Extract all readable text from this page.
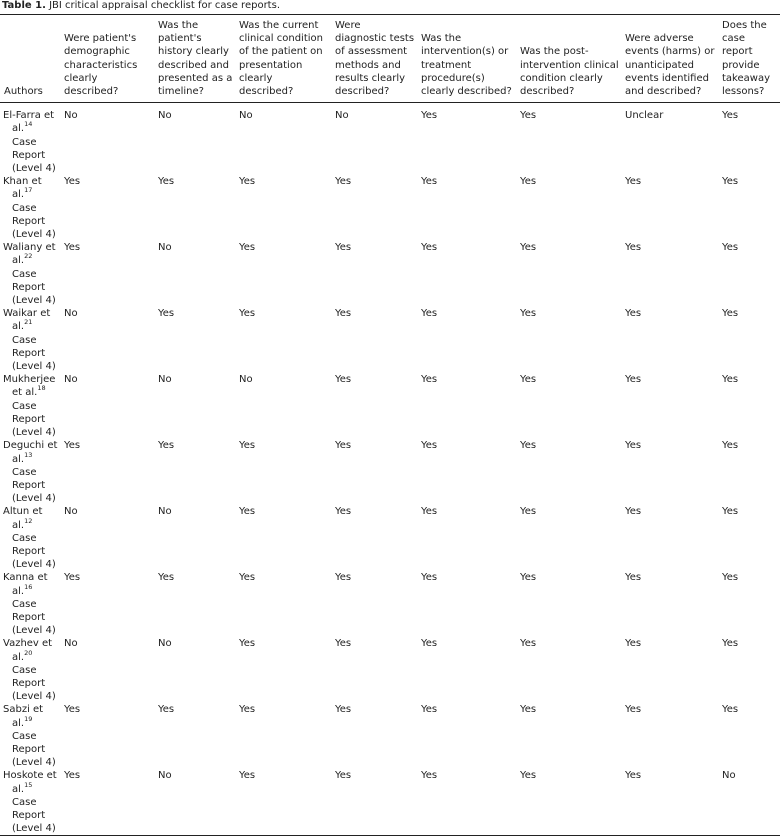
Table 1. JBI critical appraisal checklist for case reports.
Authors	Were patient's demographic characteristics clearly described?	Was the patient's history clearly described and presented as a timeline?	Was the current clinical condition of the patient on presentation clearly described?	Were diagnostic tests of assessment methods and results clearly described?	Was the intervention(s) or treatment procedure(s) clearly described?	Was the post-intervention clinical condition clearly described?	Were adverse events (harms) or unanticipated events identified and described?	Does the case report provide takeaway lessons?
El-Farra et al.$^{14}$ Case Report (Level 4)	No	No	No	No	Yes	Yes	Unclear	Yes
Khan et al.$^{17}$ Case Report (Level 4)	Yes	Yes	Yes	Yes	Yes	Yes	Yes	Yes
Waliany et al.$^{22}$ Case Report (Level 4)	Yes	No	Yes	Yes	Yes	Yes	Yes	Yes
Waikar et al.$^{21}$ Case Report (Level 4)	No	Yes	Yes	Yes	Yes	Yes	Yes	Yes
Mukherjee et al.$^{18}$ Case Report (Level 4)	No	No	No	Yes	Yes	Yes	Yes	Yes
Deguchi et al.$^{13}$ Case Report (Level 4)	Yes	Yes	Yes	Yes	Yes	Yes	Yes	Yes
Altun et al.$^{12}$ Case Report (Level 4)	No	No	Yes	Yes	Yes	Yes	Yes	Yes
Kanna et al.$^{16}$ Case Report (Level 4)	Yes	Yes	Yes	Yes	Yes	Yes	Yes	Yes
Vazhev et al.$^{20}$ Case Report (Level 4)	No	No	Yes	Yes	Yes	Yes	Yes	Yes
Sabzi et al.$^{19}$ Case Report (Level 4)	Yes	Yes	Yes	Yes	Yes	Yes	Yes	Yes
Hoskote et al.$^{15}$ Case Report (Level 4)	Yes	No	Yes	Yes	Yes	Yes	Yes	No
